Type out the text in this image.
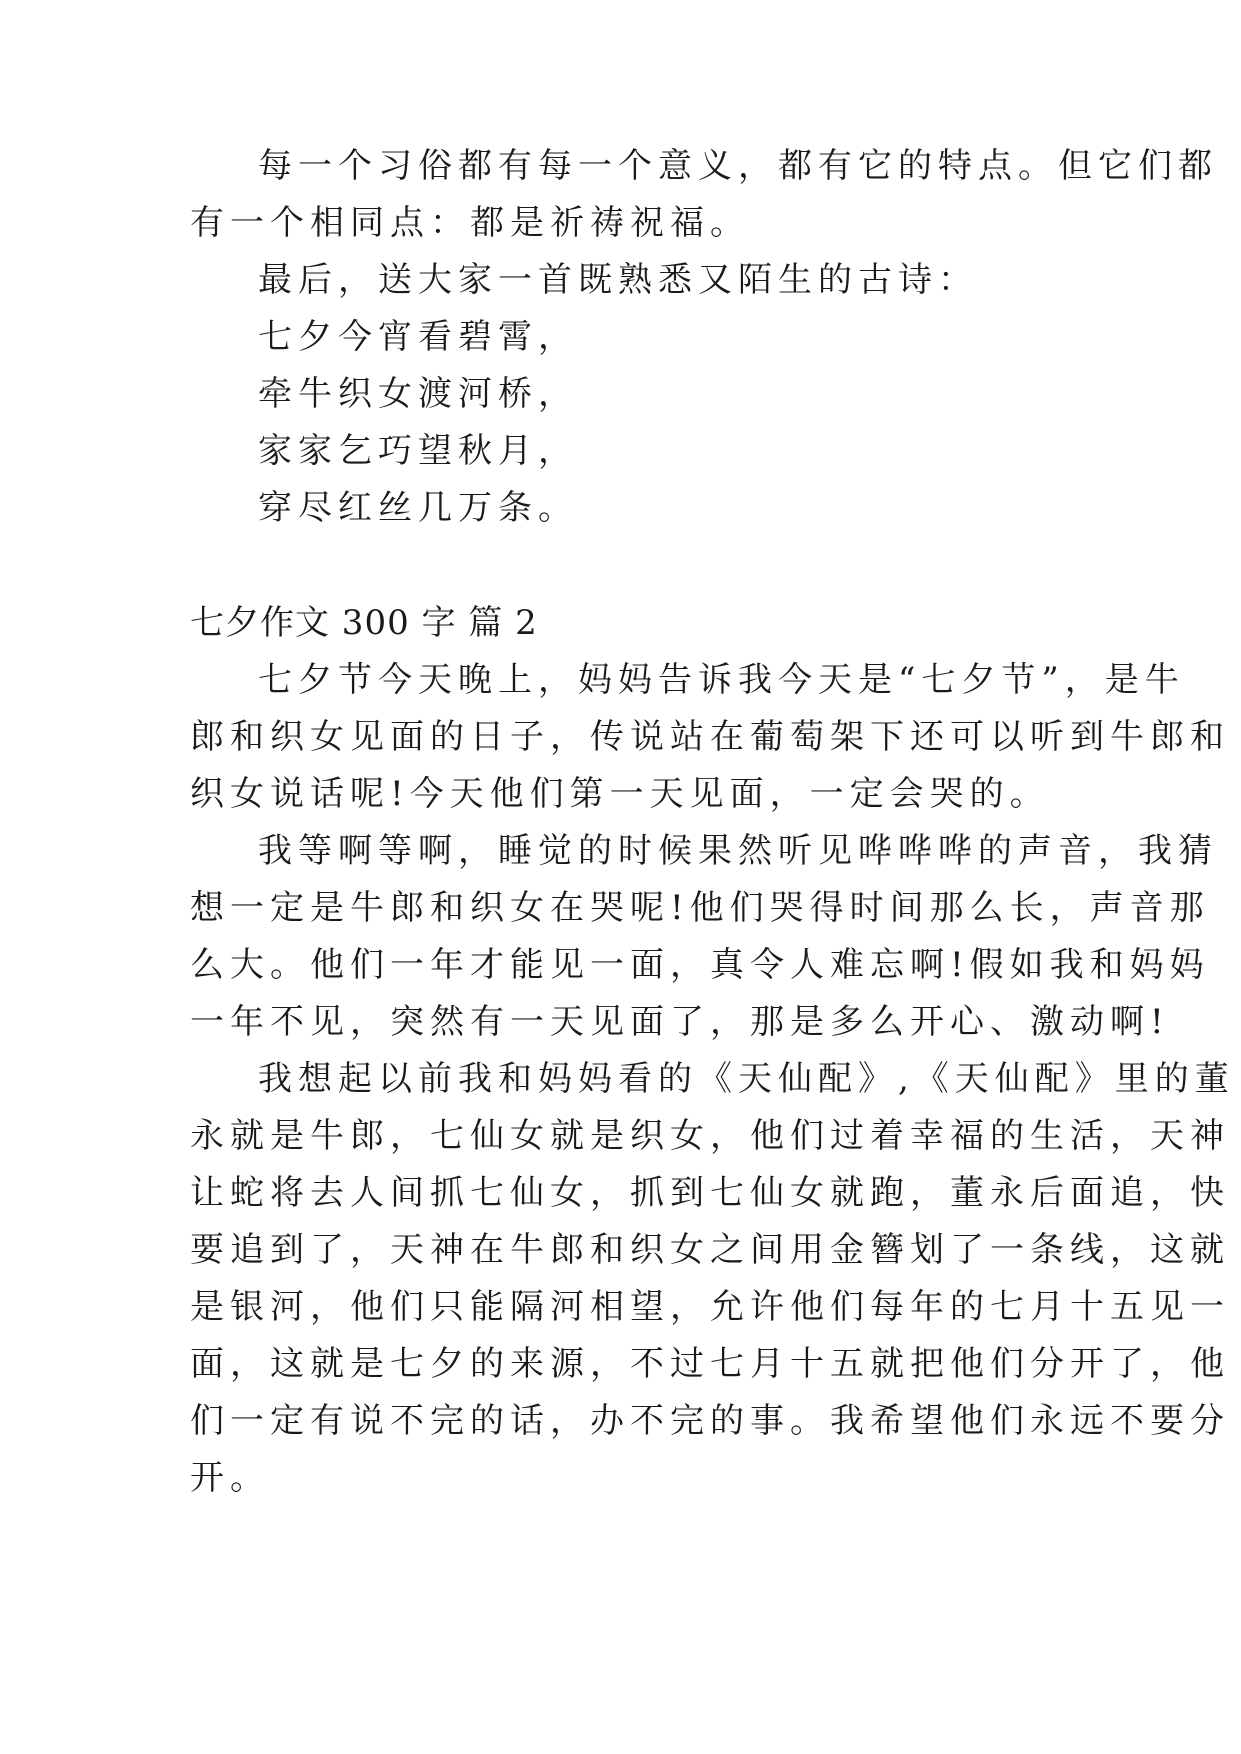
每一个习俗都有每一个意义，都有它的特点。但它们都
有一个相同点：都是祈祷祝福。
最后，送大家一首既熟悉又陌生的古诗：
七夕今宵看碧霄，
牵牛织女渡河桥，
家家乞巧望秋月，
穿尽红丝几万条。
七夕作文 300 字 篇 2
七夕节今天晚上，妈妈告诉我今天是“七夕节”，是牛
郎和织女见面的日子，传说站在葡萄架下还可以听到牛郎和
织女说话呢!今天他们第一天见面，一定会哭的。
我等啊等啊，睡觉的时候果然听见哗哗哗的声音，我猜
想一定是牛郎和织女在哭呢!他们哭得时间那么长，声音那
么大。他们一年才能见一面，真令人难忘啊!假如我和妈妈
一年不见，突然有一天见面了，那是多么开心、激动啊!
我想起以前我和妈妈看的《天仙配》,《天仙配》里的董
永就是牛郎，七仙女就是织女，他们过着幸福的生活，天神
让蛇将去人间抓七仙女，抓到七仙女就跑，董永后面追，快
要追到了，天神在牛郎和织女之间用金簪划了一条线，这就
是银河，他们只能隔河相望，允许他们每年的七月十五见一
面，这就是七夕的来源，不过七月十五就把他们分开了，他
们一定有说不完的话，办不完的事。我希望他们永远不要分
开。
